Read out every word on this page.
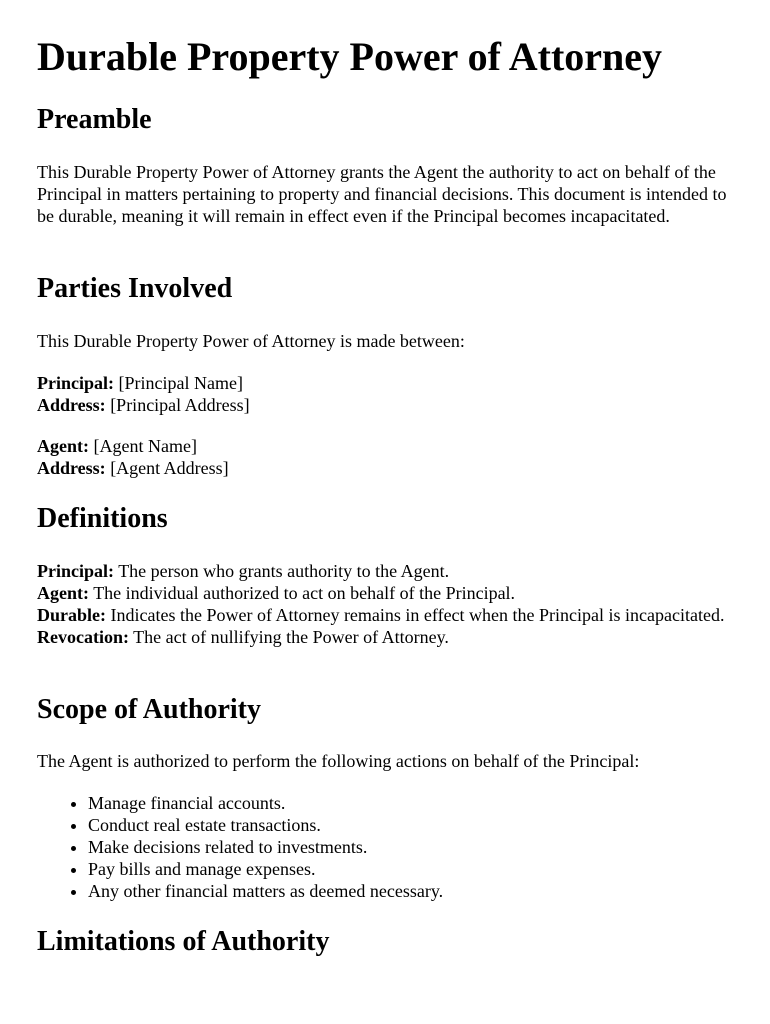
Durable Property Power of Attorney
Preamble

This Durable Property Power of Attorney grants the Agent the authority to act on behalf of the Principal in matters pertaining to property and financial decisions. This document is intended to be durable, meaning it will remain in effect even if the Principal becomes incapacitated.

Parties Involved

This Durable Property Power of Attorney is made between:

Principal: [Principal Name]
Address: [Principal Address]

Agent: [Agent Name]
Address: [Agent Address]

Definitions

Principal: The person who grants authority to the Agent.
Agent: The individual authorized to act on behalf of the Principal.
Durable: Indicates the Power of Attorney remains in effect when the Principal is incapacitated.
Revocation: The act of nullifying the Power of Attorney.

Scope of Authority

The Agent is authorized to perform the following actions on behalf of the Principal:

• Manage financial accounts.
• Conduct real estate transactions.
• Make decisions related to investments.
• Pay bills and manage expenses.
• Any other financial matters as deemed necessary.
Limitations of Authority
